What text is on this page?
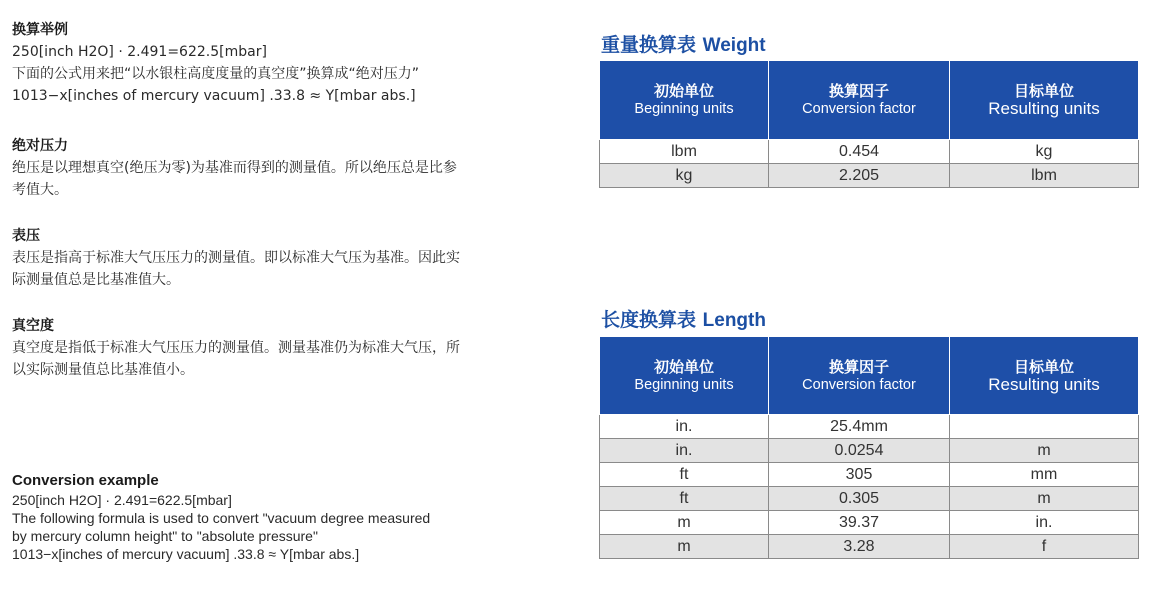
换算举例
250[inch H2O] · 2.491=622.5[mbar]
下面的公式用来把“以水银柱高度度量的真空度”换算成“绝对压力”
1013−x[inches of mercury vacuum] .33.8 ≈ Y[mbar abs.]
绝对压力
绝压是以理想真空(绝压为零)为基准而得到的测量值。所以绝压总是比参
考值大。
表压
表压是指高于标准大气压压力的测量值。即以标准大气压为基准。因此实
际测量值总是比基准值大。
真空度
真空度是指低于标准大气压压力的测量值。测量基准仍为标准大气压，所
以实际测量值总比基准值小。
Conversion example
250[inch H2O] · 2.491=622.5[mbar]
The following formula is used to convert "vacuum degree measured
by mercury column height" to "absolute pressure"
1013−x[inches of mercury vacuum] .33.8 ≈ Y[mbar abs.]
重量换算表 Weight
初始单位
Beginning units	换算因子
Conversion factor	目标单位
Resulting units

lbm	0.454	kg
kg	2.205	lbm
长度换算表 Length
初始单位
Beginning units	换算因子
Conversion factor	目标单位
Resulting units

in.	25.4mm	
in.	0.0254	m
ft	305	mm
ft	0.305	m
m	39.37	in.
m	3.28	f
